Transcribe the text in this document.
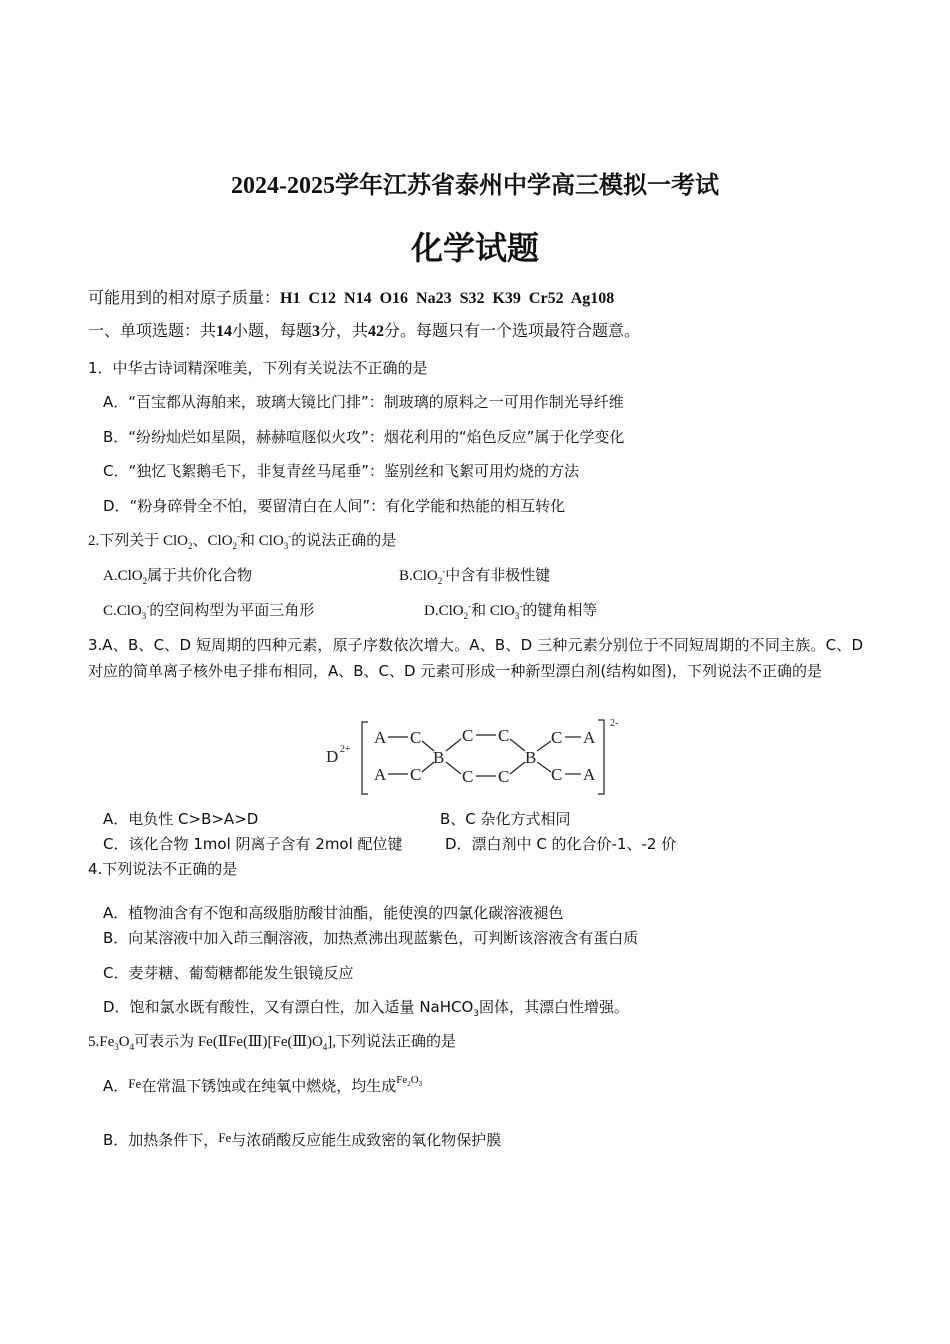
2024-2025学年江苏省泰州中学高三模拟一考试
化学试题
可能用到的相对原子质量：H1  C12  N14  O16  Na23  S32  K39  Cr52  Ag108
一、单项选题：共14小题，每题3分，共42分。每题只有一个选项最符合题意。
1．中华古诗词精深唯美，下列有关说法不正确的是
A．“百宝都从海舶来，玻璃大镜比门排”：制玻璃的原料之一可用作制光导纤维
B．“纷纷灿烂如星陨，赫赫喧豗似火攻”：烟花利用的“焰色反应”属于化学变化
C．“独忆飞絮鹅毛下，非复青丝马尾垂”：鉴别丝和飞絮可用灼烧的方法
D．“粉身碎骨全不怕，要留清白在人间”：有化学能和热能的相互转化
2.下列关于 ClO$_2$、ClO$_2$-和 ClO$_3$-的说法正确的是
A.ClO$_2$属于共价化合物	B.ClO$_2$-中含有非极性键
C.ClO$_3$-的空间构型为平面三角形	D.ClO$_2$-和 ClO$_3$-的键角相等
3.A、B、C、D 短周期的四种元素，原子序数依次增大。A、B、D 三种元素分别位于不同短周期的不同主族。C、D 对应的简单离子核外电子排布相同，A、B、C、D 元素可形成一种新型漂白剂(结构如图)，下列说法不正确的是
D 2+
A C
A C
B
C C
C C
B
C A
C A
2-
A．电负性 C>B>A>D	B、C 杂化方式相同
C．该化合物 1mol 阴离子含有 2mol 配位键	D．漂白剂中 C 的化合价-1、-2 价
4.下列说法不正确的是
A．植物油含有不饱和高级脂肪酸甘油酯，能使溴的四氯化碳溶液褪色
B．向某溶液中加入茚三酮溶液，加热煮沸出现蓝紫色，可判断该溶液含有蛋白质
C．麦芽糖、葡萄糖都能发生银镜反应
D．饱和氯水既有酸性，又有漂白性，加入适量 NaHCO$_3$固体，其漂白性增强。
$5.Fe_3O_4$可表示为 $Fe(ⅡFe(Ⅲ)[Fe(Ⅲ)O_4]$,下列说法正确的是
A．Fe在常温下锈蚀或在纯氧中燃烧，均生成$^{Fe_2O_3}$
B．加热条件下，Fe与浓硝酸反应能生成致密的氧化物保护膜
